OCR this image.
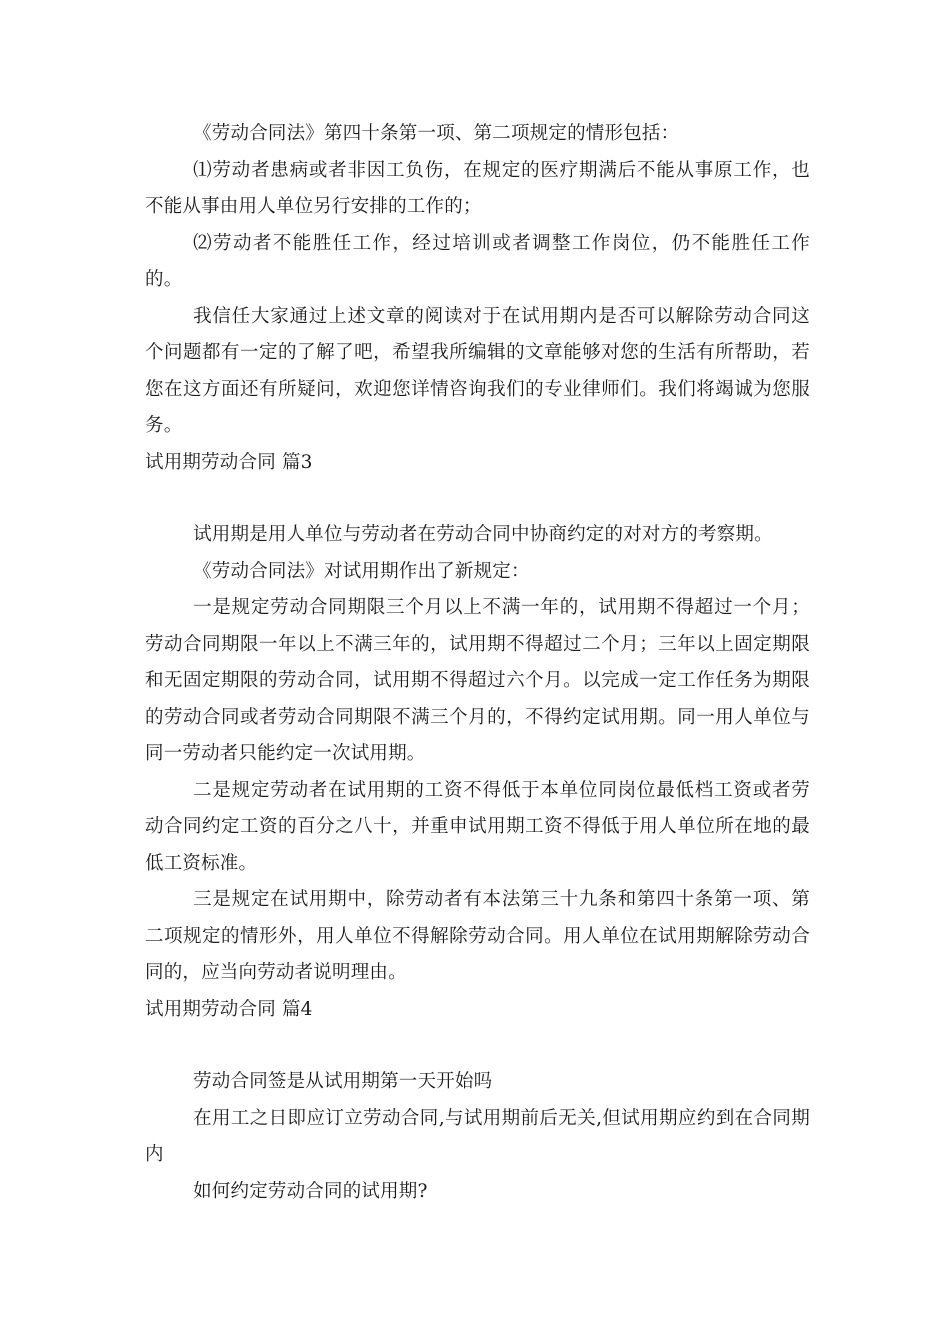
《劳动合同法》第四十条第一项、第二项规定的情形包括：

⑴劳动者患病或者非因工负伤，在规定的医疗期满后不能从事原工作，也不能从事由用人单位另行安排的工作的；

⑵劳动者不能胜任工作，经过培训或者调整工作岗位，仍不能胜任工作的。

我信任大家通过上述文章的阅读对于在试用期内是否可以解除劳动合同这个问题都有一定的了解了吧，希望我所编辑的文章能够对您的生活有所帮助，若您在这方面还有所疑问，欢迎您详情咨询我们的专业律师们。我们将竭诚为您服务。

试用期劳动合同 篇3

试用期是用人单位与劳动者在劳动合同中协商约定的对对方的考察期。

《劳动合同法》对试用期作出了新规定：

一是规定劳动合同期限三个月以上不满一年的，试用期不得超过一个月；劳动合同期限一年以上不满三年的，试用期不得超过二个月；三年以上固定期限和无固定期限的劳动合同，试用期不得超过六个月。以完成一定工作任务为期限的劳动合同或者劳动合同期限不满三个月的，不得约定试用期。同一用人单位与同一劳动者只能约定一次试用期。

二是规定劳动者在试用期的工资不得低于本单位同岗位最低档工资或者劳动合同约定工资的百分之八十，并重申试用期工资不得低于用人单位所在地的最低工资标准。

三是规定在试用期中，除劳动者有本法第三十九条和第四十条第一项、第二项规定的情形外，用人单位不得解除劳动合同。用人单位在试用期解除劳动合同的，应当向劳动者说明理由。

试用期劳动合同 篇4

劳动合同签是从试用期第一天开始吗

在用工之日即应订立劳动合同,与试用期前后无关,但试用期应约到在合同期内

如何约定劳动合同的试用期?
